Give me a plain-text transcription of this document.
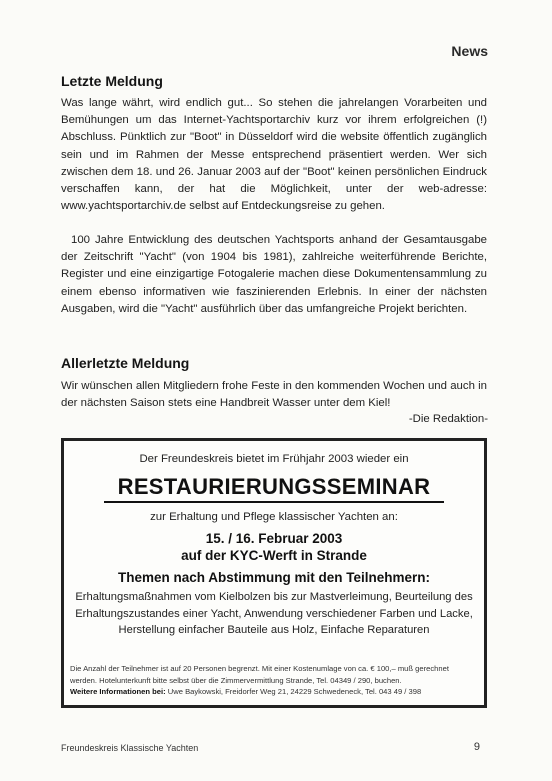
News
Letzte Meldung

Was lange währt, wird endlich gut... So stehen die jahrelangen Vorarbeiten und Bemühungen um das Internet-Yachtsportarchiv kurz vor ihrem erfolgreichen (!) Abschluss. Pünktlich zur "Boot" in Düsseldorf wird die website öffentlich zugänglich sein und im Rahmen der Messe entsprechend präsentiert werden. Wer sich zwischen dem 18. und 26. Januar 2003 auf der "Boot" keinen persönlichen Eindruck verschaffen kann, der hat die Möglichkeit, unter der web-adresse: www.yachtsportarchiv.de selbst auf Entdeckungsreise zu gehen.

100 Jahre Entwicklung des deutschen Yachtsports anhand der Gesamtausgabe der Zeitschrift "Yacht" (von 1904 bis 1981), zahlreiche weiterführende Berichte, Register und eine einzigartige Fotogalerie machen diese Dokumentensammlung zu einem ebenso informativen wie faszinierenden Erlebnis. In einer der nächsten Ausgaben, wird die "Yacht" ausführlich über das umfangreiche Projekt berichten.

Allerletzte Meldung

Wir wünschen allen Mitgliedern frohe Feste in den kommenden Wochen und auch in der nächsten Saison stets eine Handbreit Wasser unter dem Kiel!

-Die Redaktion-
Der Freundeskreis bietet im Frühjahr 2003 wieder ein
RESTAURIERUNGSSEMINAR
zur Erhaltung und Pflege klassischer Yachten an:
15. / 16. Februar 2003
auf der KYC-Werft in Strande
Themen nach Abstimmung mit den Teilnehmern:
Erhaltungsmaßnahmen vom Kielbolzen bis zur Mastverleimung, Beurteilung des Erhaltungszustandes einer Yacht, Anwendung verschiedener Farben und Lacke, Herstellung einfacher Bauteile aus Holz, Einfache Reparaturen
Die Anzahl der Teilnehmer ist auf 20 Personen begrenzt. Mit einer Kostenumlage von ca. € 100,– muß gerechnet
werden. Hotelunterkunft bitte selbst über die Zimmervermittlung Strande, Tel. 04349 / 290, buchen.
Weitere Informationen bei: Uwe Baykowski, Freidorfer Weg 21, 24229 Schwedeneck, Tel. 043 49 / 398
Freundeskreis Klassische Yachten	9
